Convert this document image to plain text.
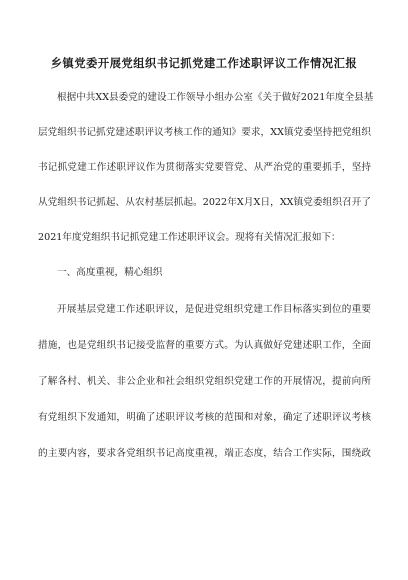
乡镇党委开展党组织书记抓党建工作述职评议工作情况汇报
根据中共XX县委党的建设工作领导小组办公室《关于做好2021年度全县基
层党组织书记抓党建述职评议考核工作的通知》要求，XX镇党委坚持把党组织
书记抓党建工作述职评议作为贯彻落实党要管党、从严治党的重要抓手，坚持
从党组织书记抓起、从农村基层抓起。2022年X月X日，XX镇党委组织召开了
2021年度党组织书记抓党建工作述职评议会。现将有关情况汇报如下：
一、高度重视，精心组织
开展基层党建工作述职评议，是促进党组织党建工作目标落实到位的重要
措施，也是党组织书记接受监督的重要方式。为认真做好党建述职工作，全面
了解各村、机关、非公企业和社会组织党组织党建工作的开展情况，提前向所
有党组织下发通知，明确了述职评议考核的范围和对象，确定了述职评议考核
的主要内容，要求各党组织书记高度重视，端正态度，结合工作实际，围绕政
